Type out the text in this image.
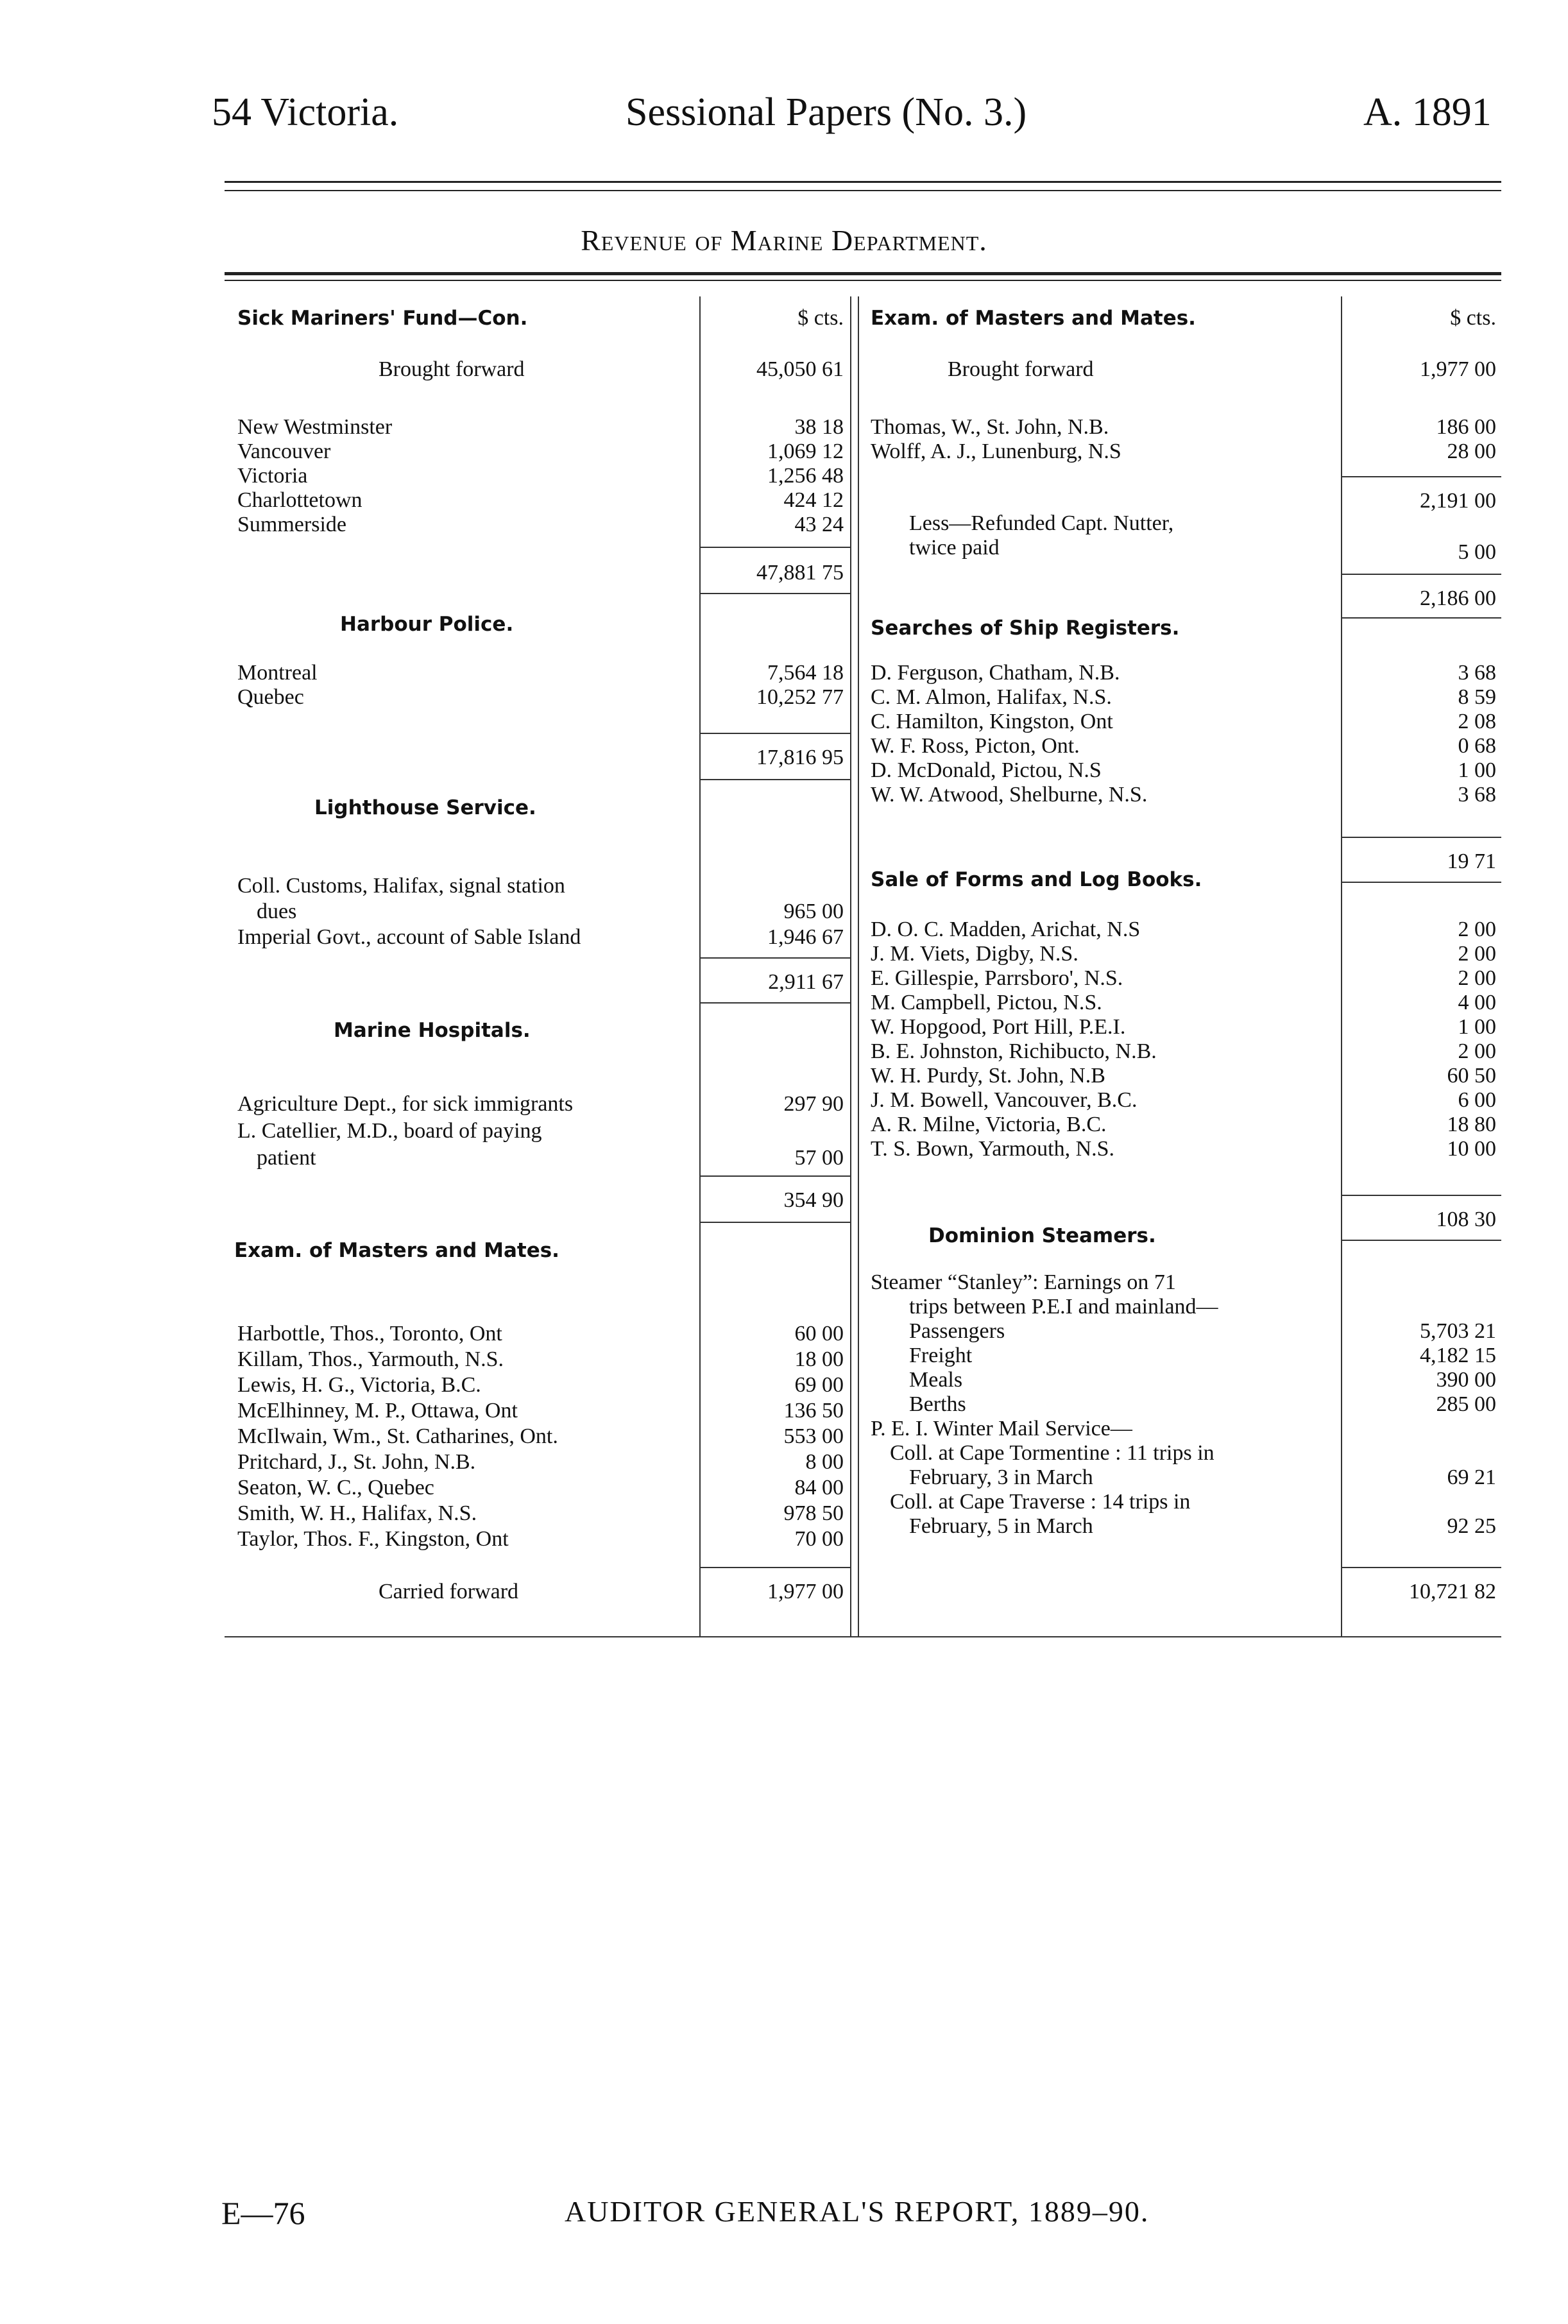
54 Victoria.	Sessional Papers (No. 3.)	A. 1891
Revenue of Marine Department.
Sick Mariners' Fund—Con.	$ cts.
Brought forward	45,050 61
New Westminster	38 18
Vancouver	1,069 12
Victoria	1,256 48
Charlottetown	424 12
Summerside	43 24
47,881 75
Harbour Police.
Montreal	7,564 18
Quebec	10,252 77
17,816 95
Lighthouse Service.
Coll. Customs, Halifax, signal station
dues	965 00
Imperial Govt., account of Sable Island	1,946 67
2,911 67
Marine Hospitals.
Agriculture Dept., for sick immigrants	297 90
L. Catellier, M.D., board of paying
patient	57 00
354 90
Exam. of Masters and Mates.
Harbottle, Thos., Toronto, Ont	60 00
Killam, Thos., Yarmouth, N.S.	18 00
Lewis, H. G., Victoria, B.C.	69 00
McElhinney, M. P., Ottawa, Ont	136 50
McIlwain, Wm., St. Catharines, Ont.	553 00
Pritchard, J., St. John, N.B.	8 00
Seaton, W. C., Quebec	84 00
Smith, W. H., Halifax, N.S.	978 50
Taylor, Thos. F., Kingston, Ont	70 00
Carried forward	1,977 00
Exam. of Masters and Mates.	$ cts.
Brought forward	1,977 00
Thomas, W., St. John, N.B.	186 00
Wolff, A. J., Lunenburg, N.S	28 00
2,191 00
Less—Refunded Capt. Nutter,
twice paid	5 00
2,186 00
Searches of Ship Registers.
D. Ferguson, Chatham, N.B.	3 68
C. M. Almon, Halifax, N.S.	8 59
C. Hamilton, Kingston, Ont	2 08
W. F. Ross, Picton, Ont.	0 68
D. McDonald, Pictou, N.S	1 00
W. W. Atwood, Shelburne, N.S.	3 68
19 71
Sale of Forms and Log Books.
D. O. C. Madden, Arichat, N.S	2 00
J. M. Viets, Digby, N.S.	2 00
E. Gillespie, Parrsboro', N.S.	2 00
M. Campbell, Pictou, N.S.	4 00
W. Hopgood, Port Hill, P.E.I.	1 00
B. E. Johnston, Richibucto, N.B.	2 00
W. H. Purdy, St. John, N.B	60 50
J. M. Bowell, Vancouver, B.C.	6 00
A. R. Milne, Victoria, B.C.	18 80
T. S. Bown, Yarmouth, N.S.	10 00
108 30
Dominion Steamers.
Steamer “Stanley”: Earnings on 71
trips between P.E.I and mainland—
Passengers	5,703 21
Freight	4,182 15
Meals	390 00
Berths	285 00
P. E. I. Winter Mail Service—
Coll. at Cape Tormentine : 11 trips in
February, 3 in March	69 21
Coll. at Cape Traverse : 14 trips in
February, 5 in March	92 25
10,721 82
E—76	AUDITOR GENERAL'S REPORT, 1889–90.
